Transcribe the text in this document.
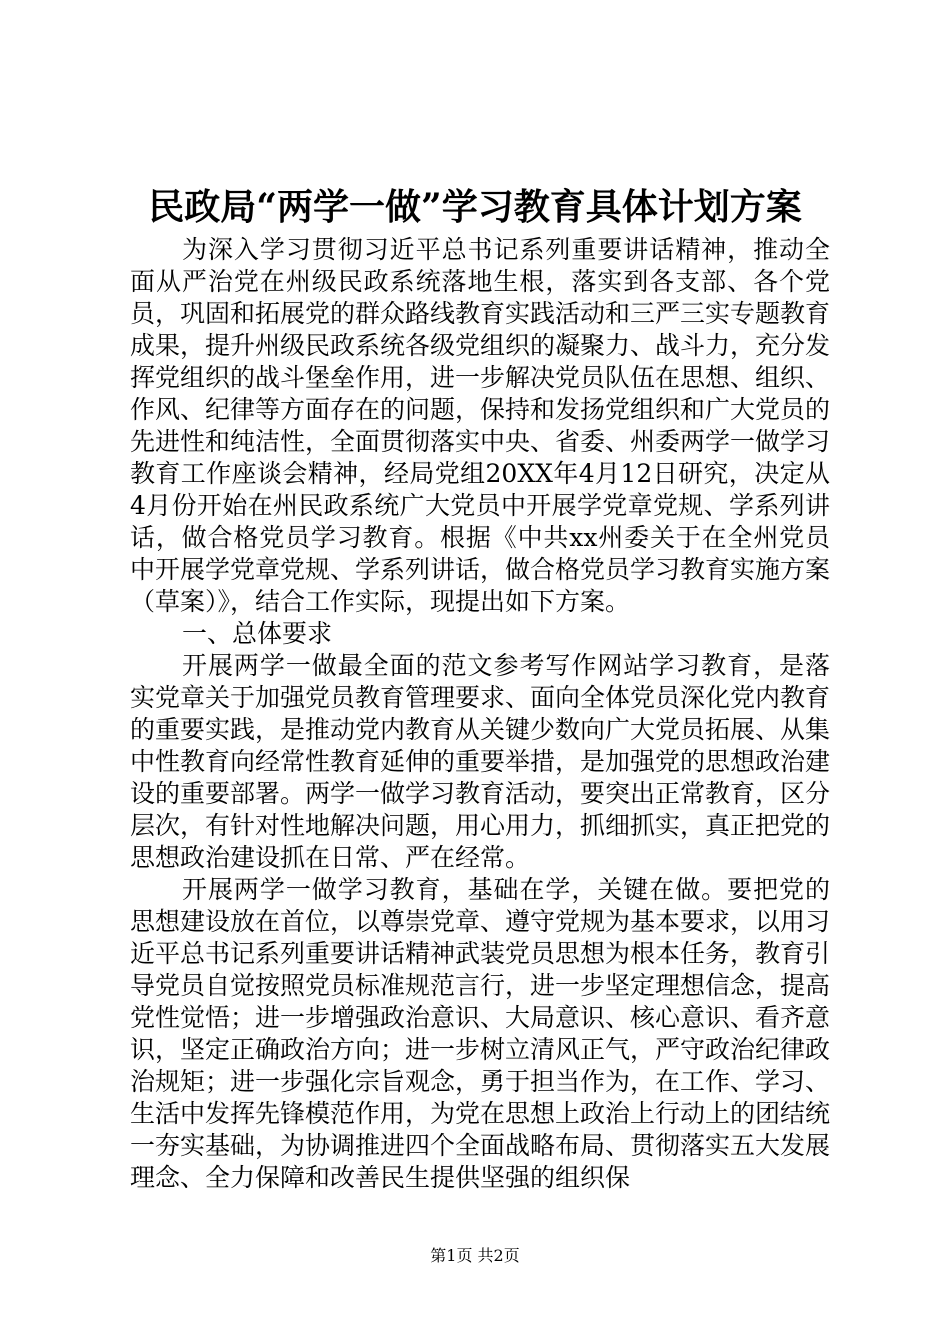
民政局“两学一做”学习教育具体计划方案

为深入学习贯彻习近平总书记系列重要讲话精神，推动全面从严治党在州级民政系统落地生根，落实到各支部、各个党员，巩固和拓展党的群众路线教育实践活动和三严三实专题教育成果，提升州级民政系统各级党组织的凝聚力、战斗力，充分发挥党组织的战斗堡垒作用，进一步解决党员队伍在思想、组织、作风、纪律等方面存在的问题，保持和发扬党组织和广大党员的先进性和纯洁性，全面贯彻落实中央、省委、州委两学一做学习教育工作座谈会精神，经局党组20XX年4月12日研究，决定从4月份开始在州民政系统广大党员中开展学党章党规、学系列讲话，做合格党员学习教育。根据《中共xx州委关于在全州党员中开展学党章党规、学系列讲话，做合格党员学习教育实施方案（草案）》，结合工作实际，现提出如下方案。

一、总体要求

开展两学一做最全面的范文参考写作网站学习教育，是落实党章关于加强党员教育管理要求、面向全体党员深化党内教育的重要实践，是推动党内教育从关键少数向广大党员拓展、从集中性教育向经常性教育延伸的重要举措，是加强党的思想政治建设的重要部署。两学一做学习教育活动，要突出正常教育，区分层次，有针对性地解决问题，用心用力，抓细抓实，真正把党的思想政治建设抓在日常、严在经常。

开展两学一做学习教育，基础在学，关键在做。要把党的思想建设放在首位，以尊崇党章、遵守党规为基本要求，以用习近平总书记系列重要讲话精神武装党员思想为根本任务，教育引导党员自觉按照党员标准规范言行，进一步坚定理想信念，提高党性觉悟；进一步增强政治意识、大局意识、核心意识、看齐意识，坚定正确政治方向；进一步树立清风正气，严守政治纪律政治规矩；进一步强化宗旨观念，勇于担当作为，在工作、学习、生活中发挥先锋模范作用，为党在思想上政治上行动上的团结统一夯实基础，为协调推进四个全面战略布局、贯彻落实五大发展理念、全力保障和改善民生提供坚强的组织保

第1页 共2页
